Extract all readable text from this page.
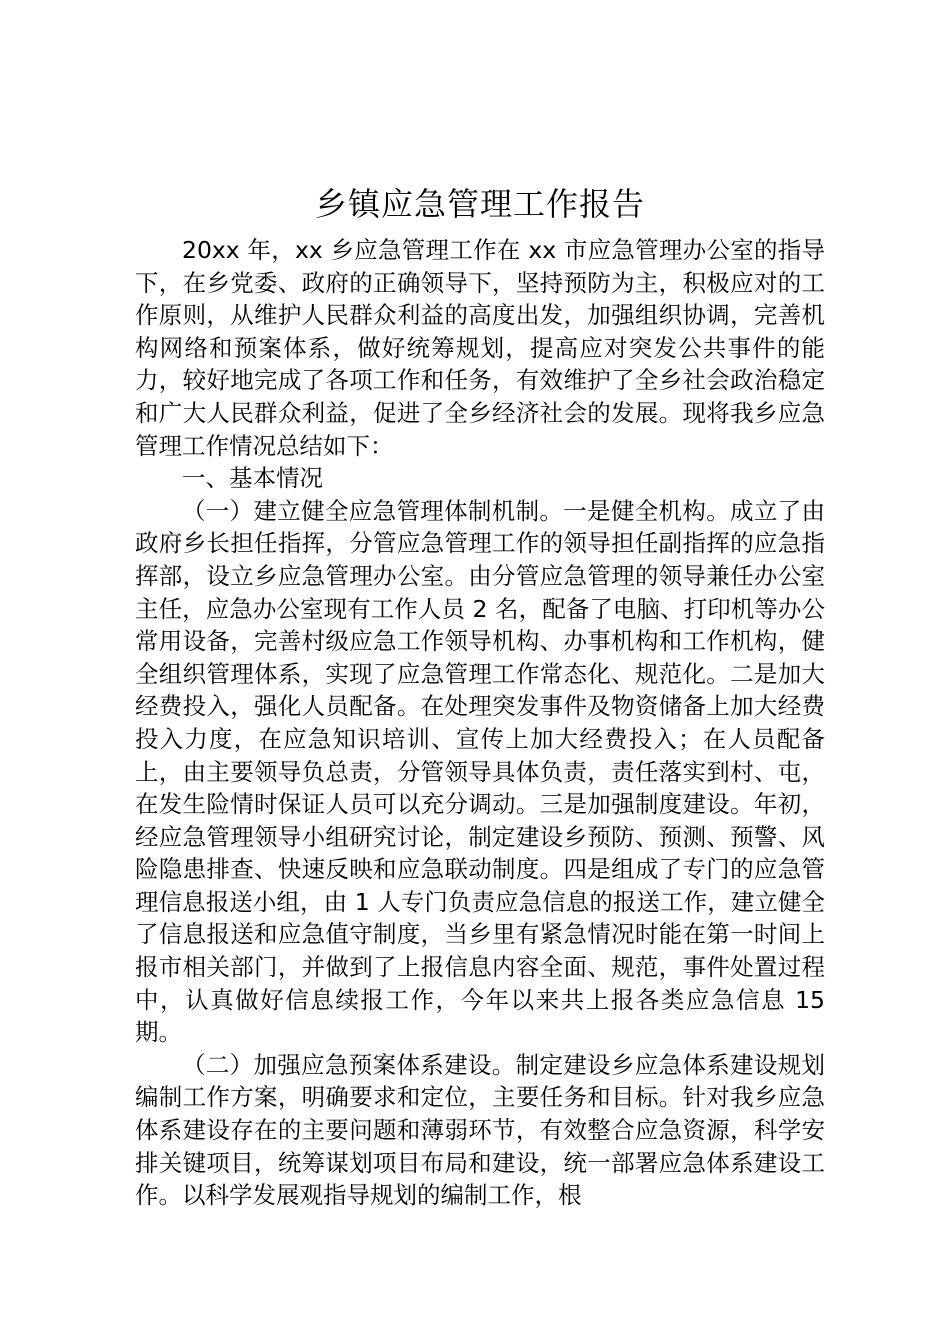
乡镇应急管理工作报告

20xx 年，xx 乡应急管理工作在 xx 市应急管理办公室的指导下，在乡党委、政府的正确领导下，坚持预防为主，积极应对的工作原则，从维护人民群众利益的高度出发，加强组织协调，完善机构网络和预案体系，做好统筹规划，提高应对突发公共事件的能力，较好地完成了各项工作和任务，有效维护了全乡社会政治稳定和广大人民群众利益，促进了全乡经济社会的发展。现将我乡应急管理工作情况总结如下：

一、基本情况

（一）建立健全应急管理体制机制。一是健全机构。成立了由政府乡长担任指挥，分管应急管理工作的领导担任副指挥的应急指挥部，设立乡应急管理办公室。由分管应急管理的领导兼任办公室主任，应急办公室现有工作人员 2 名，配备了电脑、打印机等办公常用设备，完善村级应急工作领导机构、办事机构和工作机构，健全组织管理体系，实现了应急管理工作常态化、规范化。二是加大经费投入，强化人员配备。在处理突发事件及物资储备上加大经费投入力度，在应急知识培训、宣传上加大经费投入；在人员配备上，由主要领导负总责，分管领导具体负责，责任落实到村、屯，在发生险情时保证人员可以充分调动。三是加强制度建设。年初，经应急管理领导小组研究讨论，制定建设乡预防、预测、预警、风险隐患排查、快速反映和应急联动制度。四是组成了专门的应急管理信息报送小组，由 1 人专门负责应急信息的报送工作，建立健全了信息报送和应急值守制度，当乡里有紧急情况时能在第一时间上报市相关部门，并做到了上报信息内容全面、规范，事件处置过程中，认真做好信息续报工作，今年以来共上报各类应急信息 15 期。

（二）加强应急预案体系建设。制定建设乡应急体系建设规划编制工作方案，明确要求和定位，主要任务和目标。针对我乡应急体系建设存在的主要问题和薄弱环节，有效整合应急资源，科学安排关键项目，统筹谋划项目布局和建设，统一部署应急体系建设工作。以科学发展观指导规划的编制工作，根
